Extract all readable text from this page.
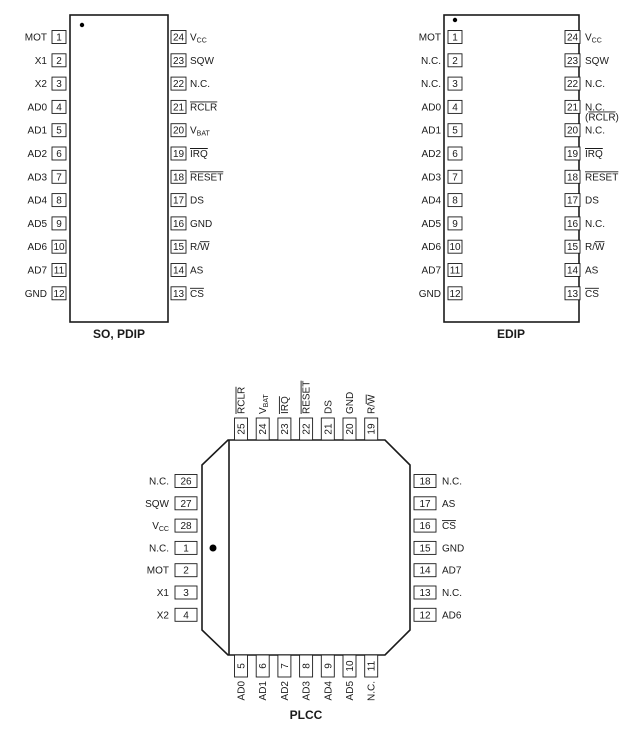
1
MOT
2
X1
3
X2
4
AD0
5
AD1
6
AD2
7
AD3
8
AD4
9
AD5
10
AD6
11
AD7
12
GND
24 $V_{CC}$
23 SQW
22 N.C.
21 RCLR
20 $V_{BAT}$
19 IRQ
18 RESET
17 DS
16 GND
15 R/W
14 AS
13 CS
SO, PDIP
1
MOT
2
N.C.
3
N.C.
4
AD0
5
AD1
6
AD2
7
AD3
8
AD4
9
AD5
10
AD6
11
AD7
12
GND
24 $V_{CC}$
23 SQW
22 N.C.
21 N.C.
(RCLR)
20 N.C.
19 IRQ
18 RESET
17 DS
16 N.C.
15 R/W
14 AS
13 CS
EDIP
25
RCLR
24
$V_{BAT}$
23
IRQ
22
RESET
21
DS
20
GND
19
R/W
26
N.C.
27
SQW
28
$V_{CC}$
1
N.C.
2
MOT
3
X1
4
X2
18 N.C.
17 AS
16 CS
15 GND
14 AD7
13 N.C.
12 AD6
5
AD0
6
AD1
7
AD2
8
AD3
9
AD4
10
AD5
11
N.C.
PLCC
